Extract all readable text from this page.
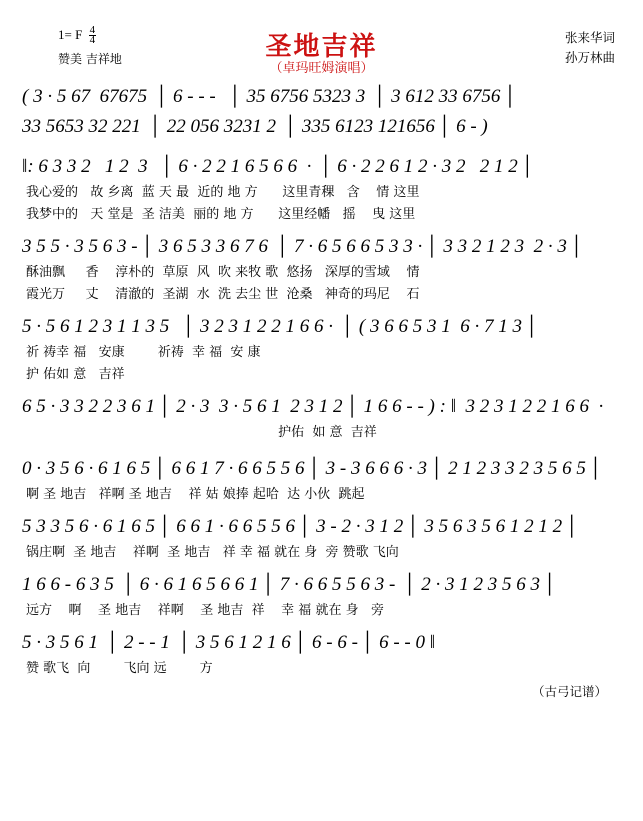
1= F $\frac{4}{4}$
赞美 吉祥地	圣地吉祥
（卓玛旺姆演唱）
张来华词
孙万林曲
( 3 · 5 67  67675  │ 6 - - -   │ 35 6756 5323 3  │ 3 612 33 6756 │
33 5653 32 221  │ 22 056 3231 2  │ 335 6123 121656 │ 6 - )
‖: 6 3 3 2   1 2  3   │ 6 · 2 2 1 6 5 6 6  ·  │ 6 · 2 2 6 1 2 · 3 2   2 1 2 │
我心爱的   故 乡离  蓝 天 最  近的 地 方      这里青稞   含    情 这里
我梦中的   天 堂是  圣 洁美  丽的 地 方      这里经幡   摇    曳 这里
3 5 5 · 3 5 6 3 - │ 3 6 5 3 3 6 7 6  │ 7 · 6 5 6 6 5 3 3 · │ 3 3 2 1 2 3  2 · 3 │
酥油飘     香    淳朴的  草原  风  吹 来牧 歌  悠扬   深厚的雪域    情
霞光万     丈    清澈的  圣湖  水  洗 去尘 世  沧桑   神奇的玛尼    石
5 · 5 6 1 2 3 1 1 3 5   │ 3 2 3 1 2 2 1 6 6 ·  │ ( 3 6 6 5 3 1  6 · 7 1 3 │
祈 祷幸 福   安康        祈祷  幸 福  安 康
护 佑如 意   吉祥
6 5 · 3 3 2 2 3 6 1 │ 2 · 3  3 · 5 6 1  2 3 1 2 │ 1 6 6 - - ) : ‖  3 2 3 1 2 2 1 6 6  ·
护佑  如 意  吉祥
0 · 3 5 6 · 6 1 6 5 │ 6 6 1 7 · 6 6 5 5 6 │ 3 - 3 6 6 6 · 3 │ 2 1 2 3 3 2 3 5 6 5 │
啊 圣 地吉   祥啊 圣 地吉    祥 姑 娘捧 起哈  达 小伙  跳起
5 3 3 5 6 · 6 1 6 5 │ 6 6 1 · 6 6 5 5 6 │ 3 - 2 · 3 1 2 │ 3 5 6 3 5 6 1 2 1 2 │
锅庄啊  圣 地吉    祥啊  圣 地吉   祥 幸 福 就在 身  旁 赞歌 飞向
1 6 6 - 6 3 5  │ 6 · 6 1 6 5 6 6 1 │ 7 · 6 6 5 5 6 3 -  │ 2 · 3 1 2 3 5 6 3 │
远方    啊    圣 地吉    祥啊    圣 地吉  祥    幸 福 就在 身   旁
5 · 3 5 6 1  │ 2 - - 1  │ 3 5 6 1 2 1 6 │ 6 - 6 - │ 6 - - 0 ‖
赞 歌飞  向        飞向 远        方
（古弓记谱）
